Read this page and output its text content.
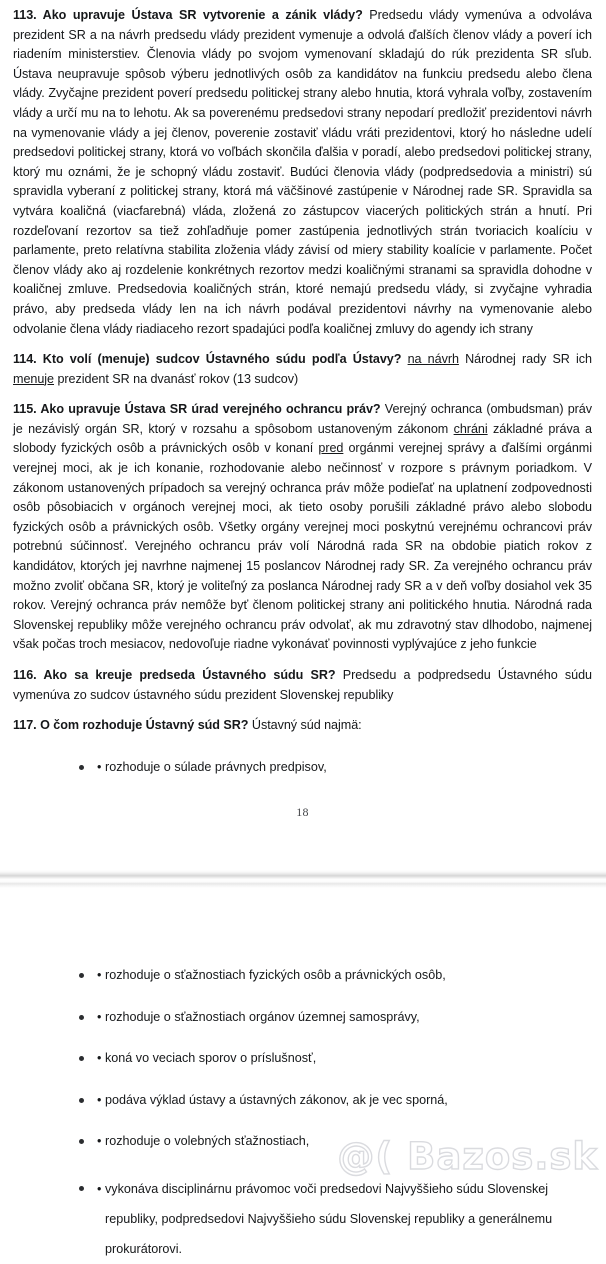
113. Ako upravuje Ústava SR vytvorenie a zánik vlády? Predsedu vlády vymenúva a odvoláva prezident SR a na návrh predsedu vlády prezident vymenuje a odvolá ďalších členov vlády a poverí ich riadením ministerstiev. Členovia vlády po svojom vymenovaní skladajú do rúk prezidenta SR sľub. Ústava neupravuje spôsob výberu jednotlivých osôb za kandidátov na funkciu predsedu alebo člena vlády. Zvyčajne prezident poverí predsedu politickej strany alebo hnutia, ktorá vyhrala voľby, zostavením vlády a určí mu na to lehotu. Ak sa poverenému predsedovi strany nepodarí predložiť prezidentovi návrh na vymenovanie vlády a jej členov, poverenie zostaviť vládu vráti prezidentovi, ktorý ho následne udelí predsedovi politickej strany, ktorá vo voľbách skončila ďalšia v poradí, alebo predsedovi politickej strany, ktorý mu oznámi, že je schopný vládu zostaviť. Budúci členovia vlády (podpredsedovia a ministri) sú spravidla vyberaní z politickej strany, ktorá má väčšinové zastúpenie v Národnej rade SR. Spravidla sa vytvára koaličná (viacfarebná) vláda, zložená zo zástupcov viacerých politických strán a hnutí. Pri rozdeľovaní rezortov sa tiež zohľadňuje pomer zastúpenia jednotlivých strán tvoriacich koalíciu v parlamente, preto relatívna stabilita zloženia vlády závisí od miery stability koalície v parlamente. Počet členov vlády ako aj rozdelenie konkrétnych rezortov medzi koaličnými stranami sa spravidla dohodne v koaličnej zmluve. Predsedovia koaličných strán, ktoré nemajú predsedu vlády, si zvyčajne vyhradia právo, aby predseda vlády len na ich návrh podával prezidentovi návrhy na vymenovanie alebo odvolanie člena vlády riadiaceho rezort spadajúci podľa koaličnej zmluvy do agendy ich strany

114. Kto volí (menuje) sudcov Ústavného súdu podľa Ústavy? na návrh Národnej rady SR ich menuje prezident SR na dvanásť rokov (13 sudcov)

115. Ako upravuje Ústava SR úrad verejného ochrancu práv? Verejný ochranca (ombudsman) práv je nezávislý orgán SR, ktorý v rozsahu a spôsobom ustanoveným zákonom chráni základné práva a slobody fyzických osôb a právnických osôb v konaní pred orgánmi verejnej správy a ďalšími orgánmi verejnej moci, ak je ich konanie, rozhodovanie alebo nečinnosť v rozpore s právnym poriadkom. V zákonom ustanovených prípadoch sa verejný ochranca práv môže podieľať na uplatnení zodpovednosti osôb pôsobiacich v orgánoch verejnej moci, ak tieto osoby porušili základné právo alebo slobodu fyzických osôb a právnických osôb. Všetky orgány verejnej moci poskytnú verejnému ochrancovi práv potrebnú súčinnosť. Verejného ochrancu práv volí Národná rada SR na obdobie piatich rokov z kandidátov, ktorých jej navrhne najmenej 15 poslancov Národnej rady SR. Za verejného ochrancu práv možno zvoliť občana SR, ktorý je voliteľný za poslanca Národnej rady SR a v deň voľby dosiahol vek 35 rokov. Verejný ochranca práv nemôže byť členom politickej strany ani politického hnutia. Národná rada Slovenskej republiky môže verejného ochrancu práv odvolať, ak mu zdravotný stav dlhodobo, najmenej však počas troch mesiacov, nedovoľuje riadne vykonávať povinnosti vyplývajúce z jeho funkcie

116. Ako sa kreuje predseda Ústavného súdu SR? Predsedu a podpredsedu Ústavného súdu vymenúva zo sudcov ústavného súdu prezident Slovenskej republiky

117. O čom rozhoduje Ústavný súd SR? Ústavný súd najmä:

• rozhoduje o súlade právnych predpisov,
18
• rozhoduje o sťažnostiach fyzických osôb a právnických osôb,
• rozhoduje o sťažnostiach orgánov územnej samosprávy,
• koná vo veciach sporov o príslušnosť,
• podáva výklad ústavy a ústavných zákonov, ak je vec sporná,
• rozhoduje o volebných sťažnostiach,
• vykonáva disciplinárnu právomoc voči predsedovi Najvyššieho súdu Slovenskej republiky, podpredsedovi Najvyššieho súdu Slovenskej republiky a generálnemu prokurátorovi.
@( Bazos.sk
